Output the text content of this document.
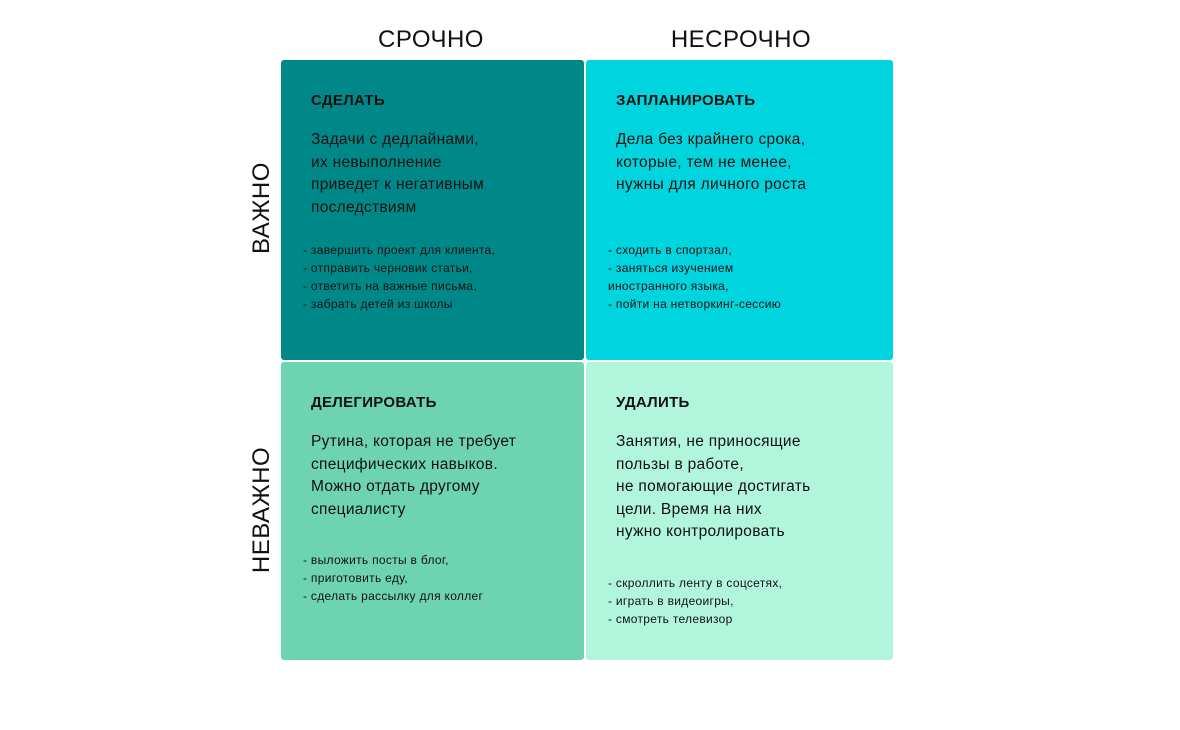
СРОЧНО	НЕСРОЧНО
ВАЖНО
НЕВАЖНО
СДЕЛАТЬ

Задачи с дедлайнами,
их невыполнение
приведет к негативным
последствиям

- завершить проект для клиента,
- отправить черновик статьи,
- ответить на важные письма,
- забрать детей из школы
ЗАПЛАНИРОВАТЬ

Дела без крайнего срока,
которые, тем не менее,
нужны для личного роста

- сходить в спортзал,
- заняться изучением
иностранного языка,
- пойти на нетворкинг-сессию
ДЕЛЕГИРОВАТЬ

Рутина, которая не требует
специфических навыков.
Можно отдать другому
специалисту

- выложить посты в блог,
- приготовить еду,
- сделать рассылку для коллег
УДАЛИТЬ

Занятия, не приносящие
пользы в работе,
не помогающие достигать
цели. Время на них
нужно контролировать

- скроллить ленту в соцсетях,
- играть в видеоигры,
- смотреть телевизор
